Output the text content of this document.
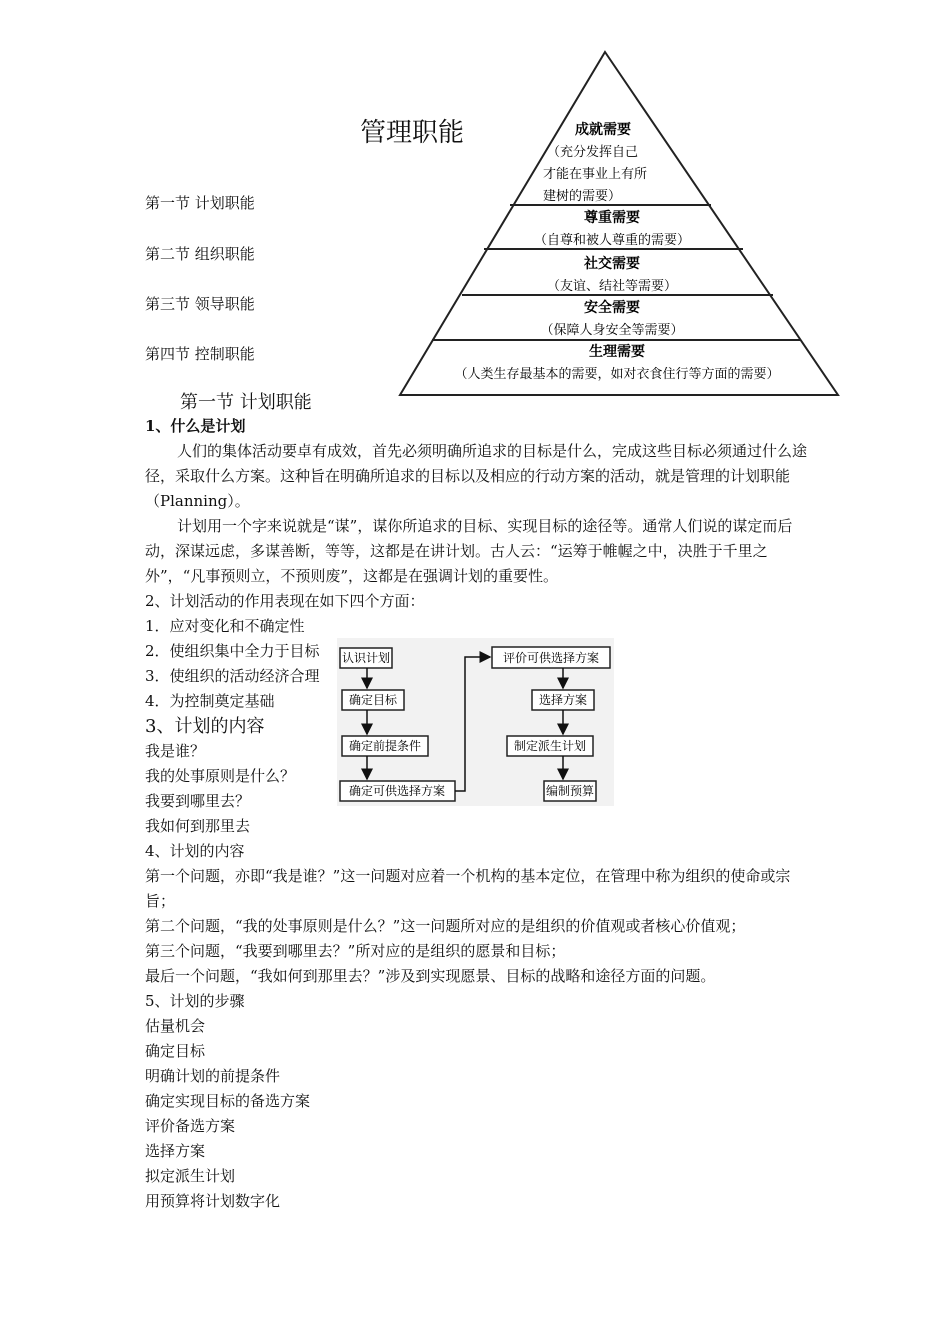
管理职能
第一节 计划职能
第二节 组织职能
第三节 领导职能
第四节 控制职能
成就需要
（充分发挥自己
才能在事业上有所
建树的需要）
尊重需要
（自尊和被人尊重的需要）
社交需要
（友谊、结社等需要）
安全需要
（保障人身安全等需要）
生理需要
（人类生存最基本的需要，如对衣食住行等方面的需要）
第一节 计划职能

1、什么是计划

人们的集体活动要卓有成效，首先必须明确所追求的目标是什么，完成这些目标必须通过什么途径，采取什么方案。这种旨在明确所追求的目标以及相应的行动方案的活动，就是管理的计划职能（Planning）。

计划用一个字来说就是“谋”，谋你所追求的目标、实现目标的途径等。通常人们说的谋定而后动，深谋远虑，多谋善断，等等，这都是在讲计划。古人云：“运筹于帷幄之中，决胜于千里之外”，“凡事预则立，不预则废”，这都是在强调计划的重要性。

2、计划活动的作用表现在如下四个方面：

1．应对变化和不确定性

2．使组织集中全力于目标

3．使组织的活动经济合理

4．为控制奠定基础

3、计划的内容

我是谁？

我的处事原则是什么？

我要到哪里去？

我如何到那里去

4、计划的内容

第一个问题，亦即“我是谁？”这一问题对应着一个机构的基本定位，在管理中称为组织的使命或宗旨；

第二个问题，“我的处事原则是什么？”这一问题所对应的是组织的价值观或者核心价值观；

第三个问题，“我要到哪里去？”所对应的是组织的愿景和目标；

最后一个问题，“我如何到那里去？”涉及到实现愿景、目标的战略和途径方面的问题。

5、计划的步骤

估量机会

确定目标

明确计划的前提条件

确定实现目标的备选方案

评价备选方案

选择方案

拟定派生计划

用预算将计划数字化

认识计划
确定目标
确定前提条件
确定可供选择方案
评价可供选择方案
选择方案
制定派生计划
编制预算
